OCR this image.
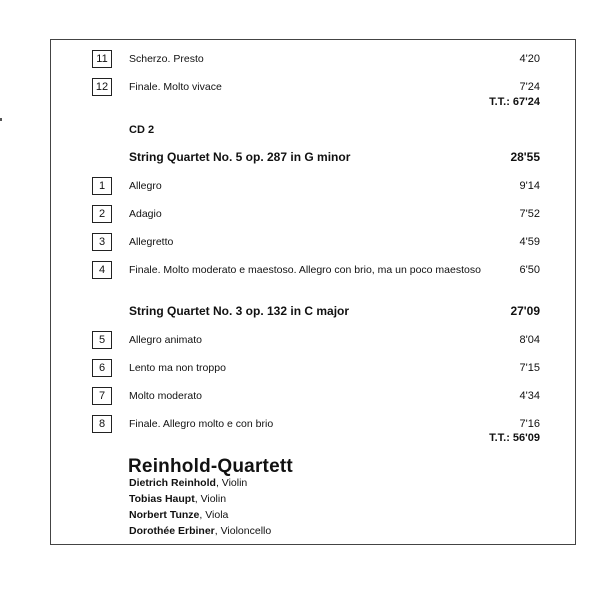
11	Scherzo. Presto	4'20
12	Finale. Molto vivace	7'24
T.T.: 67'24
CD 2
String Quartet No. 5 op. 287 in G minor	28'55
1	Allegro	9'14
2	Adagio	7'52
3	Allegretto	4'59
4	Finale. Molto moderato e maestoso. Allegro con brio, ma un poco maestoso	6'50
String Quartet No. 3 op. 132 in C major	27'09
5	Allegro animato	8'04
6	Lento ma non troppo	7'15
7	Molto moderato	4'34
8	Finale. Allegro molto e con brio	7'16
T.T.: 56'09
Reinhold-Quartett
Dietrich Reinhold, Violin
Tobias Haupt, Violin
Norbert Tunze, Viola
Dorothée Erbiner, Violoncello
